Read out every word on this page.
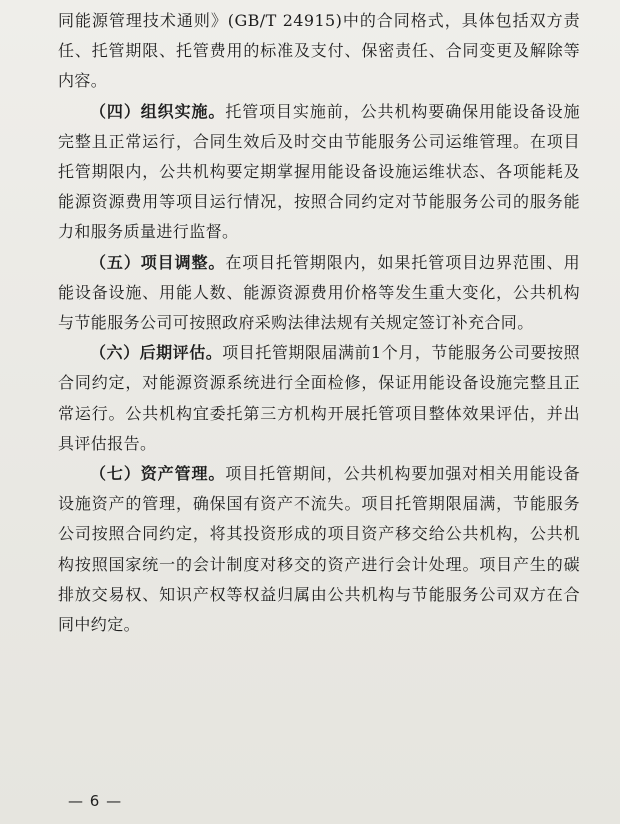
同能源管理技术通则》(GB/T 24915)中的合同格式，具体包括双方责任、托管期限、托管费用的标准及支付、保密责任、合同变更及解除等内容。

（四）组织实施。托管项目实施前，公共机构要确保用能设备设施完整且正常运行，合同生效后及时交由节能服务公司运维管理。在项目托管期限内，公共机构要定期掌握用能设备设施运维状态、各项能耗及能源资源费用等项目运行情况，按照合同约定对节能服务公司的服务能力和服务质量进行监督。

（五）项目调整。在项目托管期限内，如果托管项目边界范围、用能设备设施、用能人数、能源资源费用价格等发生重大变化，公共机构与节能服务公司可按照政府采购法律法规有关规定签订补充合同。

（六）后期评估。项目托管期限届满前1个月，节能服务公司要按照合同约定，对能源资源系统进行全面检修，保证用能设备设施完整且正常运行。公共机构宜委托第三方机构开展托管项目整体效果评估，并出具评估报告。

（七）资产管理。项目托管期间，公共机构要加强对相关用能设备设施资产的管理，确保国有资产不流失。项目托管期限届满，节能服务公司按照合同约定，将其投资形成的项目资产移交给公共机构，公共机构按照国家统一的会计制度对移交的资产进行会计处理。项目产生的碳排放交易权、知识产权等权益归属由公共机构与节能服务公司双方在合同中约定。

— 6 —
